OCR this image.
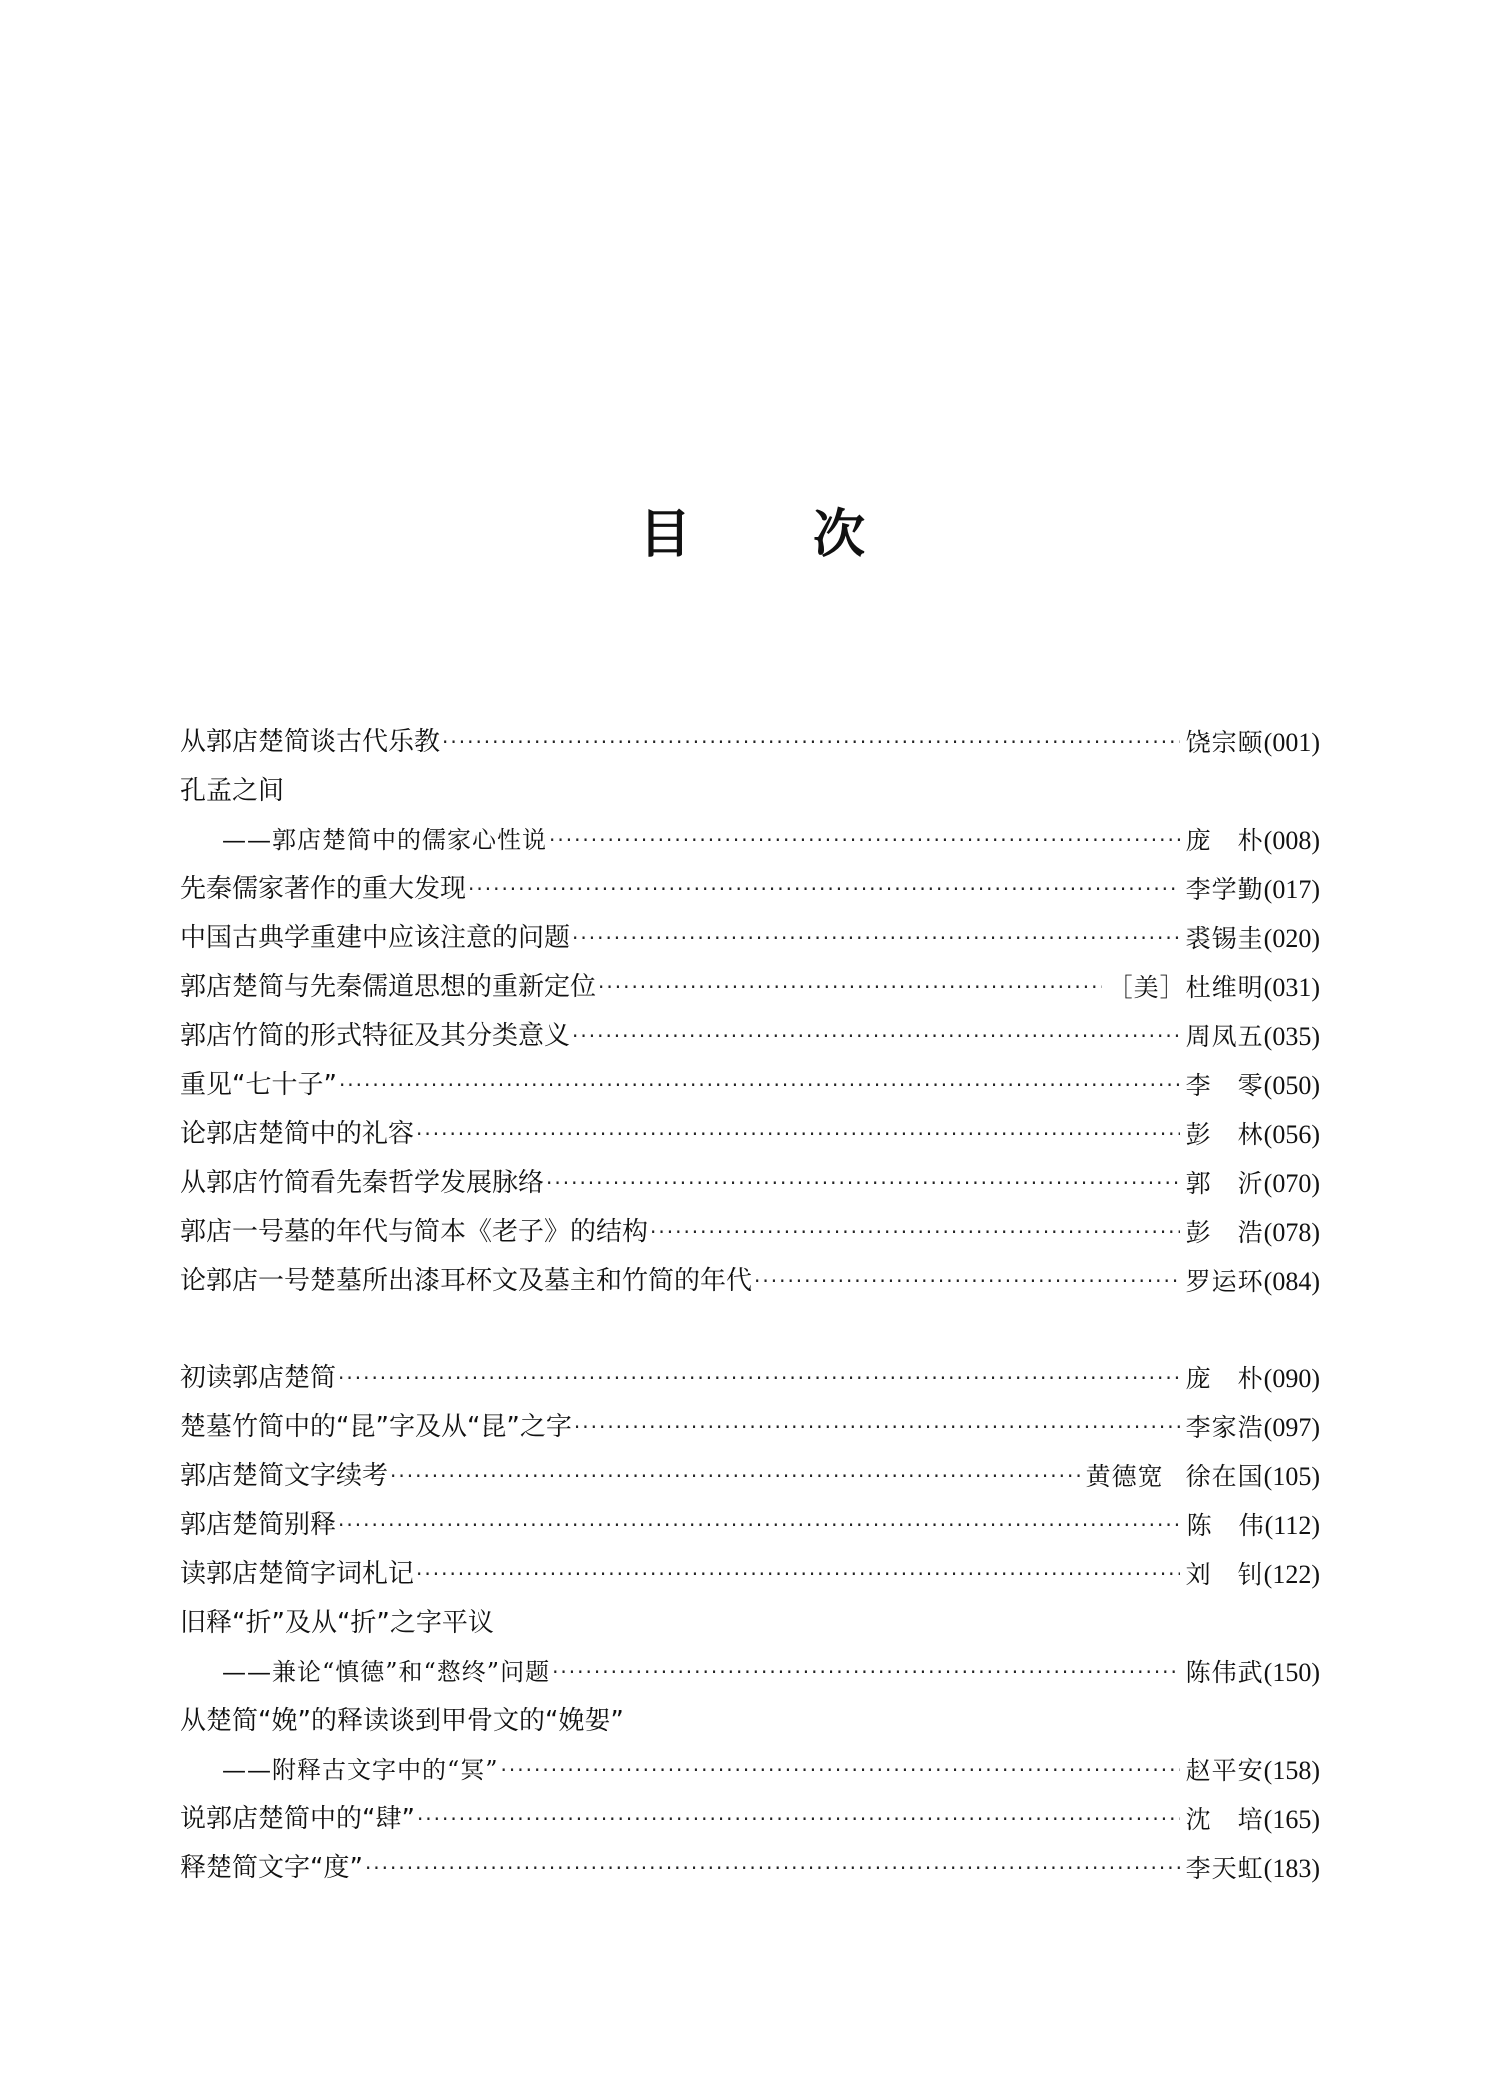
目 次
从郭店楚简谈古代乐教 ·····	饶宗颐 (001)
孔孟之间
——郭店楚简中的儒家心性说 ·····	庞　朴 (008)
先秦儒家著作的重大发现 ·····	李学勤 (017)
中国古典学重建中应该注意的问题 ·····	裘锡圭 (020)
郭店楚简与先秦儒道思想的重新定位 ·····	［美］杜维明 (031)
郭店竹简的形式特征及其分类意义 ·····	周凤五 (035)
重见“七十子” ·····	李　零 (050)
论郭店楚简中的礼容 ·····	彭　林 (056)
从郭店竹简看先秦哲学发展脉络 ·····	郭　沂 (070)
郭店一号墓的年代与简本《老子》的结构 ·····	彭　浩 (078)
论郭店一号楚墓所出漆耳杯文及墓主和竹简的年代 ·····	罗运环 (084)
初读郭店楚简 ·····	庞　朴 (090)
楚墓竹简中的“昆”字及从“昆”之字 ·····	李家浩 (097)
郭店楚简文字续考 ·····	黄德宽 徐在国 (105)
郭店楚简别释 ·····	陈　伟 (112)
读郭店楚简字词札记 ·····	刘　钊 (122)
旧释“折”及从“折”之字平议
——兼论“慎德”和“慦终”问题 ·····	陈伟武 (150)
从楚简“娩”的释读谈到甲骨文的“娩妿”
——附释古文字中的“冥” ·····	赵平安 (158)
说郭店楚简中的“肆” ·····	沈　培 (165)
释楚简文字“度” ·····	李天虹 (183)
